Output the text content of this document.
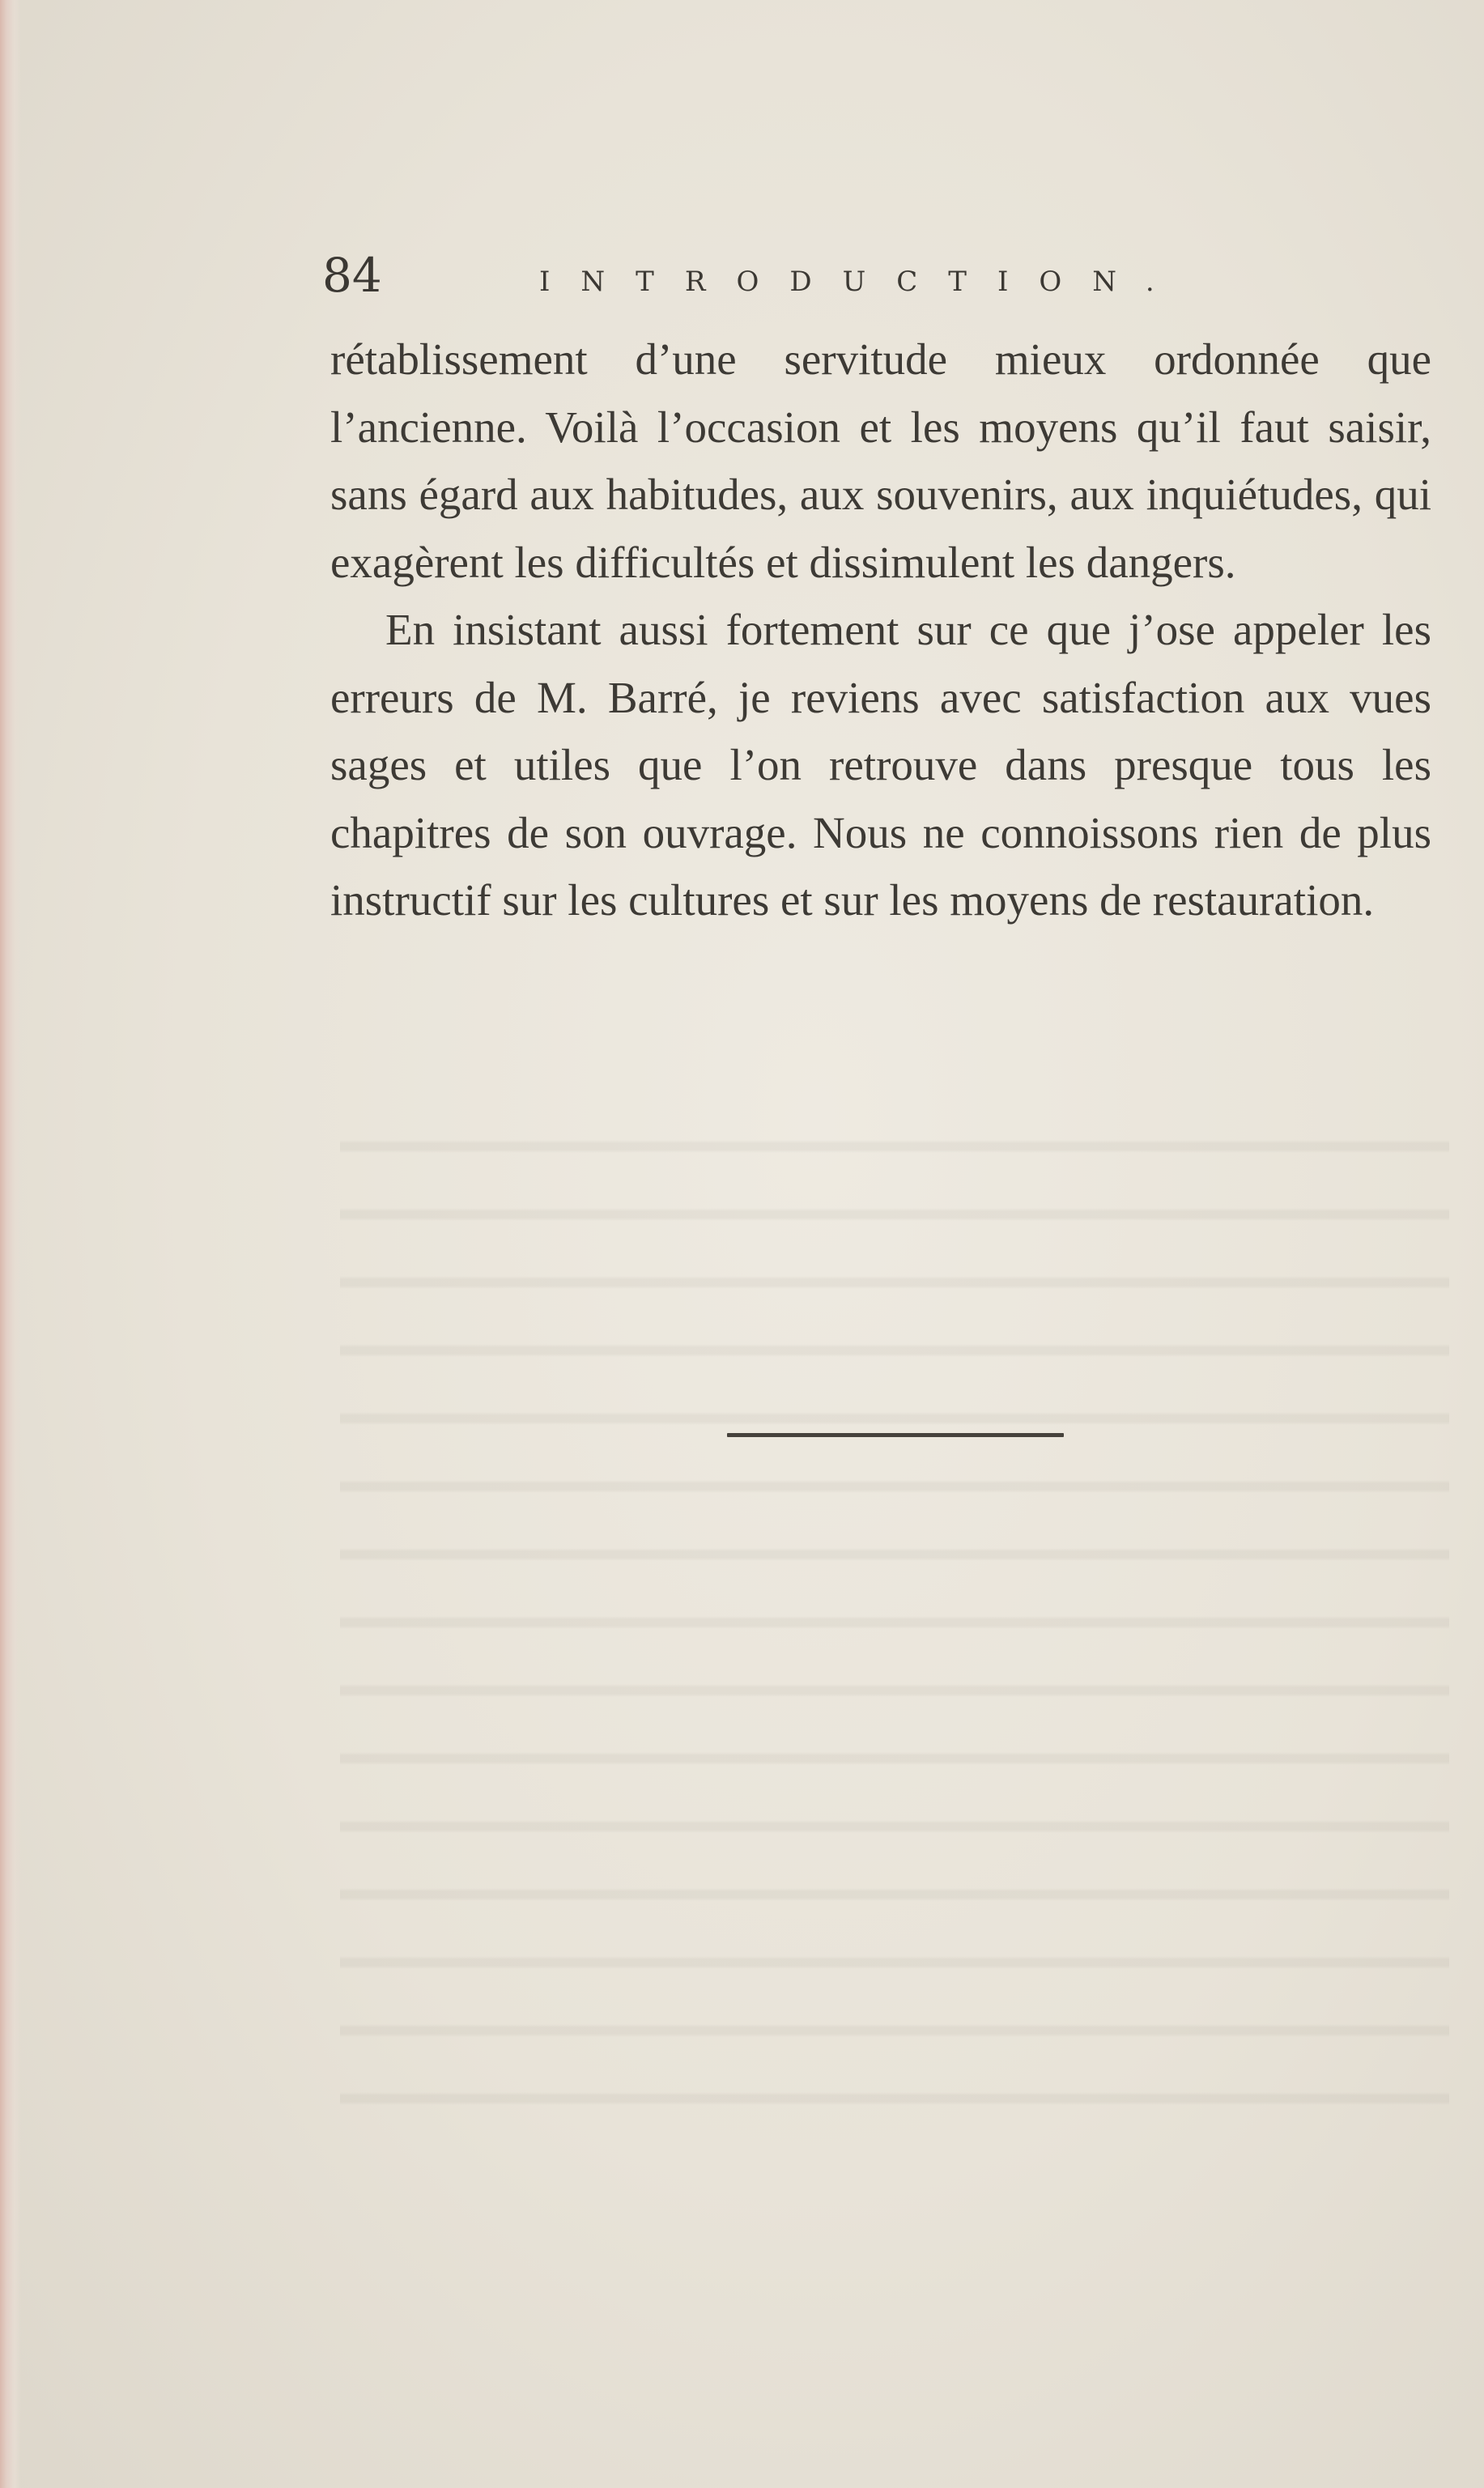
84	INTRODUCTION.

rétablissement d’une servitude mieux ordonnée que l’ancienne. Voilà l’occasion et les moyens qu’il faut saisir, sans égard aux habitudes, aux souvenirs, aux inquiétudes, qui exagèrent les difficultés et dissimulent les dangers.

En insistant aussi fortement sur ce que j’ose appeler les erreurs de M. Barré, je reviens avec satisfaction aux vues sages et utiles que l’on retrouve dans presque tous les chapitres de son ouvrage. Nous ne connoissons rien de plus instructif sur les cultures et sur les moyens de restauration.
